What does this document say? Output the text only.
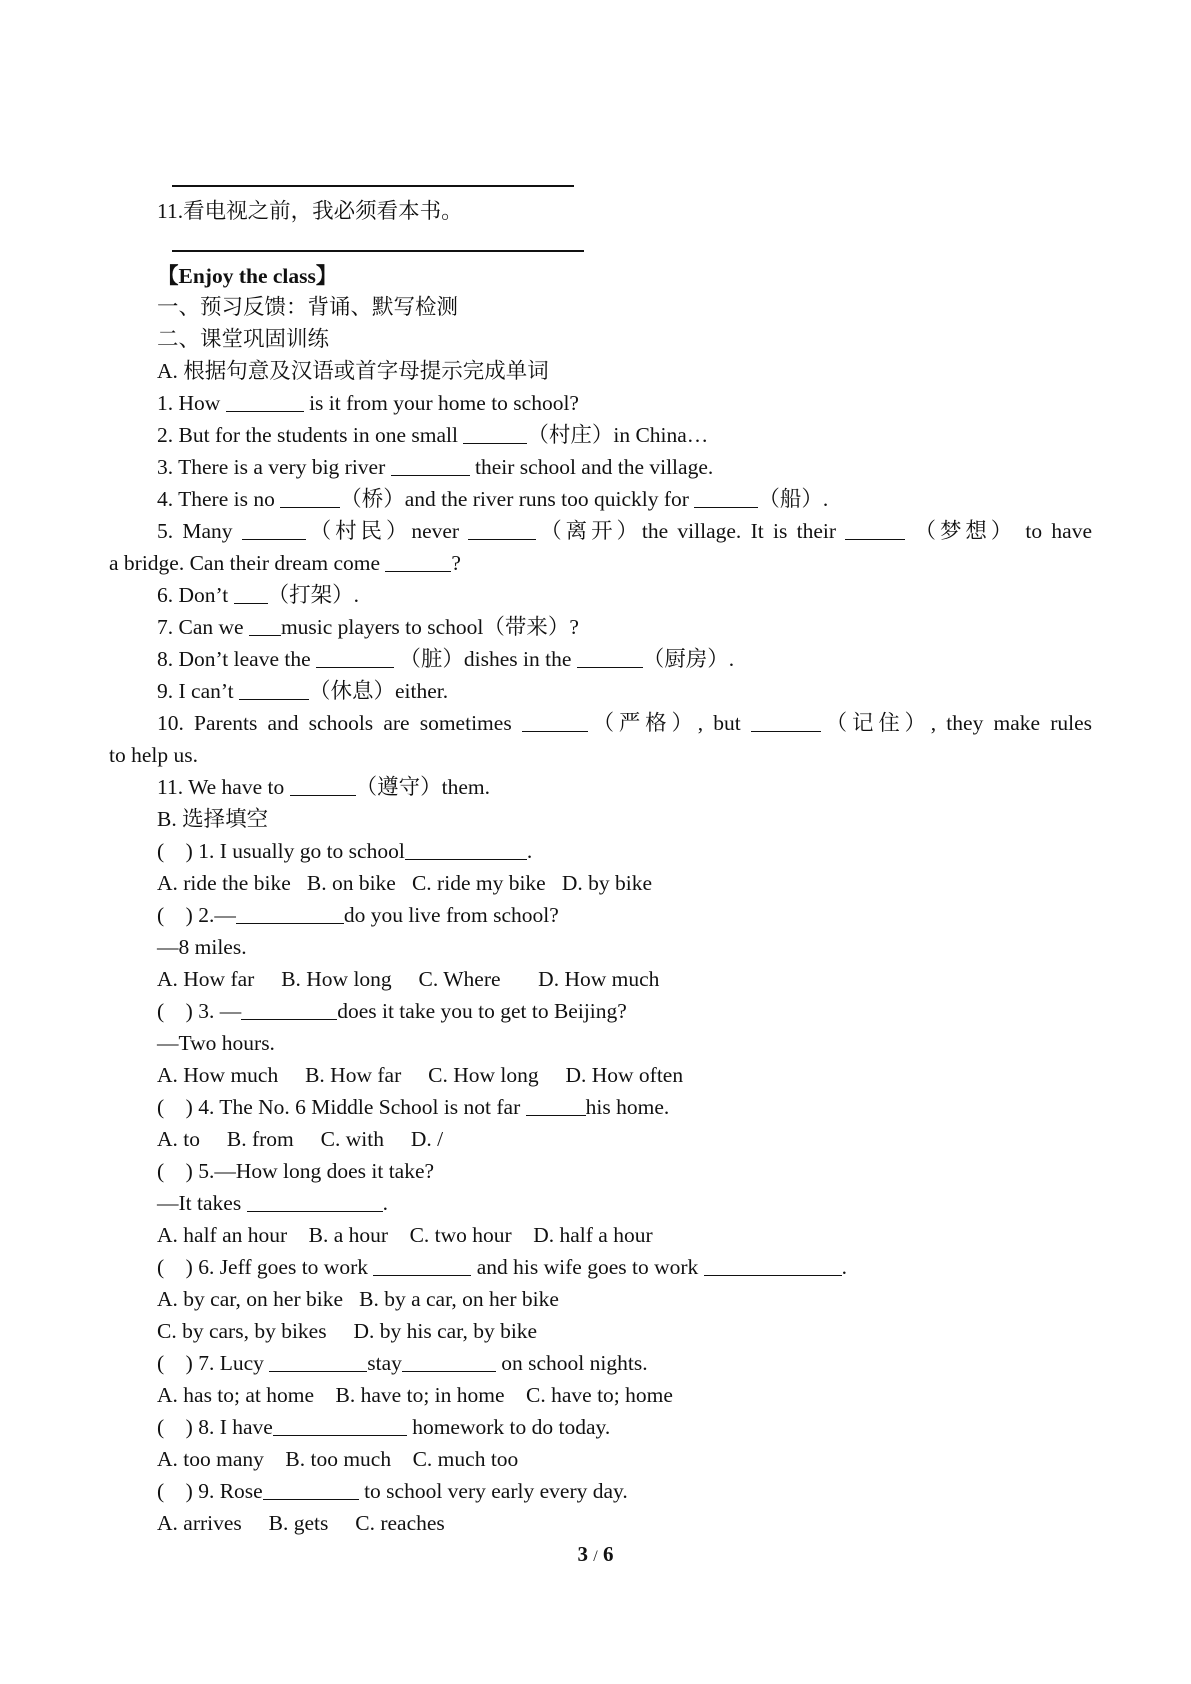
11.看电视之前，我必须看本书。
【Enjoy the class】
一、预习反馈：背诵、默写检测
二、课堂巩固训练
A. 根据句意及汉语或首字母提示完成单词
1. How	is it from your home to school?
2. But for the students in one small	（村庄）in China…
3. There is a very big river	their school and the village.
4. There is no	（桥）and the river runs too quickly for	（船）.
5. Many	（村民）never	（离开）the village. It is their	（梦想） to have
a bridge. Can their dream come	?
6. Don’t （打架）.
7. Can we music players to school（带来）?
8. Don’t leave the	（脏）dishes in the	（厨房）.
9. I can’t	（休息）either.
10. Parents and schools are sometimes	（严格）, but	（记住）, they make rules
to help us.
11. We have to	（遵守）them.
B. 选择填空
(    ) 1. I usually go to school	.
A. ride the bike   B. on bike   C. ride my bike   D. by bike
(    ) 2.—	do you live from school?
—8 miles.
A. How far     B. How long     C. Where       D. How much
(    ) 3. —	does it take you to get to Beijing?
—Two hours.
A. How much     B. How far     C. How long     D. How often
(    ) 4. The No. 6 Middle School is not far	his home.
A. to     B. from     C. with     D. /
(    ) 5.—How long does it take?
—It takes	.
A. half an hour    B. a hour    C. two hour    D. half a hour
(    ) 6. Jeff goes to work	and his wife goes to work	.
A. by car, on her bike   B. by a car, on her bike
C. by cars, by bikes     D. by his car, by bike
(    ) 7. Lucy	stay	on school nights.
A. has to; at home    B. have to; in home    C. have to; home
(    ) 8. I have	homework to do today.
A. too many    B. too much    C. much too
(    ) 9. Rose	to school very early every day.
A. arrives     B. gets     C. reaches
3 / 6
